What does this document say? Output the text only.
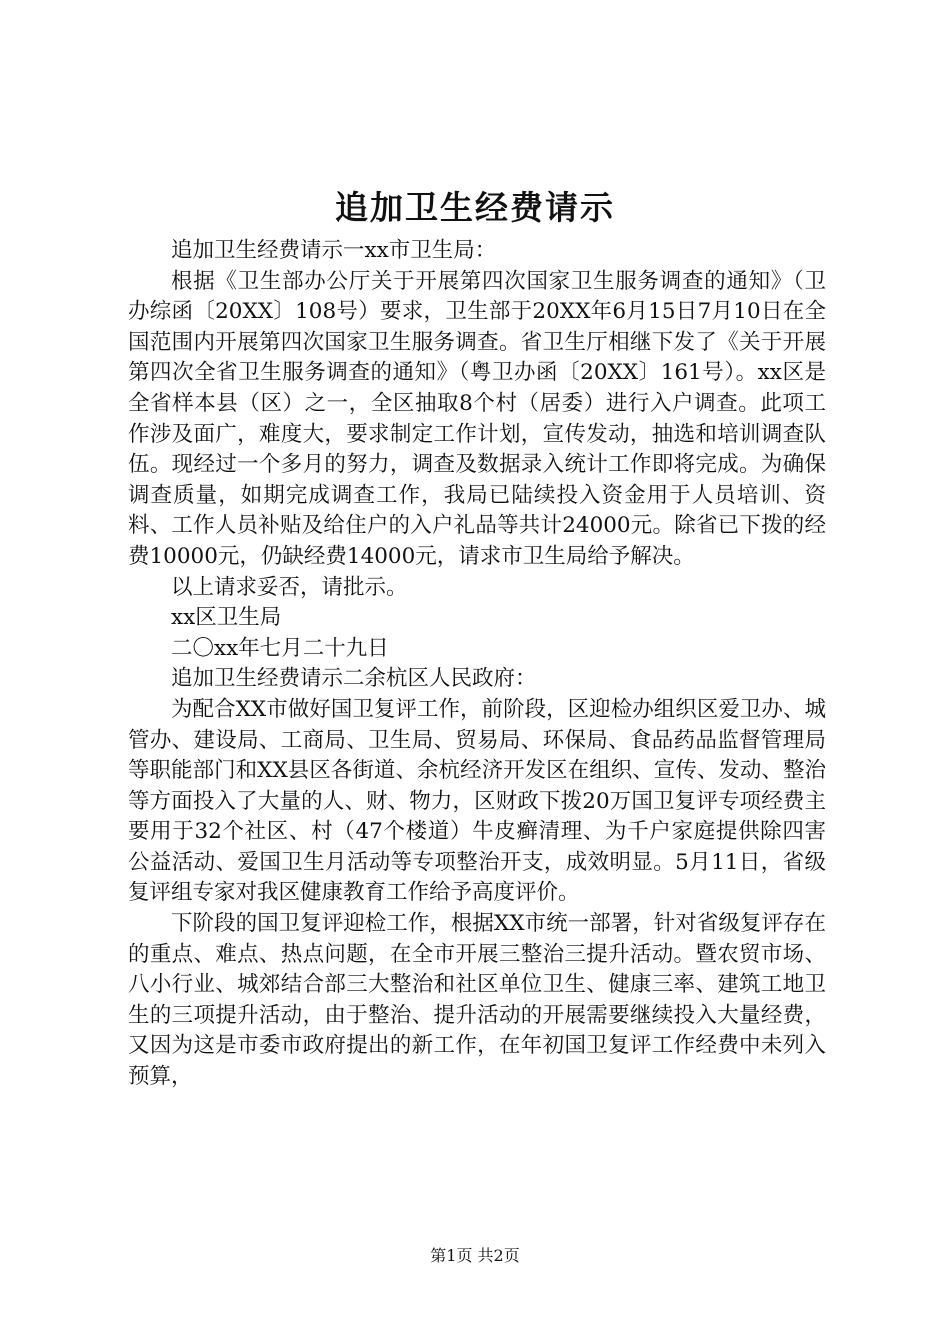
追加卫生经费请示

追加卫生经费请示一xx市卫生局：

根据《卫生部办公厅关于开展第四次国家卫生服务调查的通知》（卫办综函〔20XX〕108号）要求，卫生部于20XX年6月15日7月10日在全国范围内开展第四次国家卫生服务调查。省卫生厅相继下发了《关于开展第四次全省卫生服务调查的通知》（粤卫办函〔20XX〕161号）。xx区是全省样本县（区）之一，全区抽取8个村（居委）进行入户调查。此项工作涉及面广，难度大，要求制定工作计划，宣传发动，抽选和培训调查队伍。现经过一个多月的努力，调查及数据录入统计工作即将完成。为确保调查质量，如期完成调查工作，我局已陆续投入资金用于人员培训、资料、工作人员补贴及给住户的入户礼品等共计24000元。除省已下拨的经费10000元，仍缺经费14000元，请求市卫生局给予解决。

以上请求妥否，请批示。

xx区卫生局

二〇xx年七月二十九日

追加卫生经费请示二余杭区人民政府：

为配合XX市做好国卫复评工作，前阶段，区迎检办组织区爱卫办、城管办、建设局、工商局、卫生局、贸易局、环保局、食品药品监督管理局等职能部门和XX县区各街道、余杭经济开发区在组织、宣传、发动、整治等方面投入了大量的人、财、物力，区财政下拨20万国卫复评专项经费主要用于32个社区、村（47个楼道）牛皮癣清理、为千户家庭提供除四害公益活动、爱国卫生月活动等专项整治开支，成效明显。5月11日，省级复评组专家对我区健康教育工作给予高度评价。

下阶段的国卫复评迎检工作，根据XX市统一部署，针对省级复评存在的重点、难点、热点问题，在全市开展三整治三提升活动。暨农贸市场、八小行业、城郊结合部三大整治和社区单位卫生、健康三率、建筑工地卫生的三项提升活动，由于整治、提升活动的开展需要继续投入大量经费，又因为这是市委市政府提出的新工作，在年初国卫复评工作经费中未列入预算，

第1页 共2页
